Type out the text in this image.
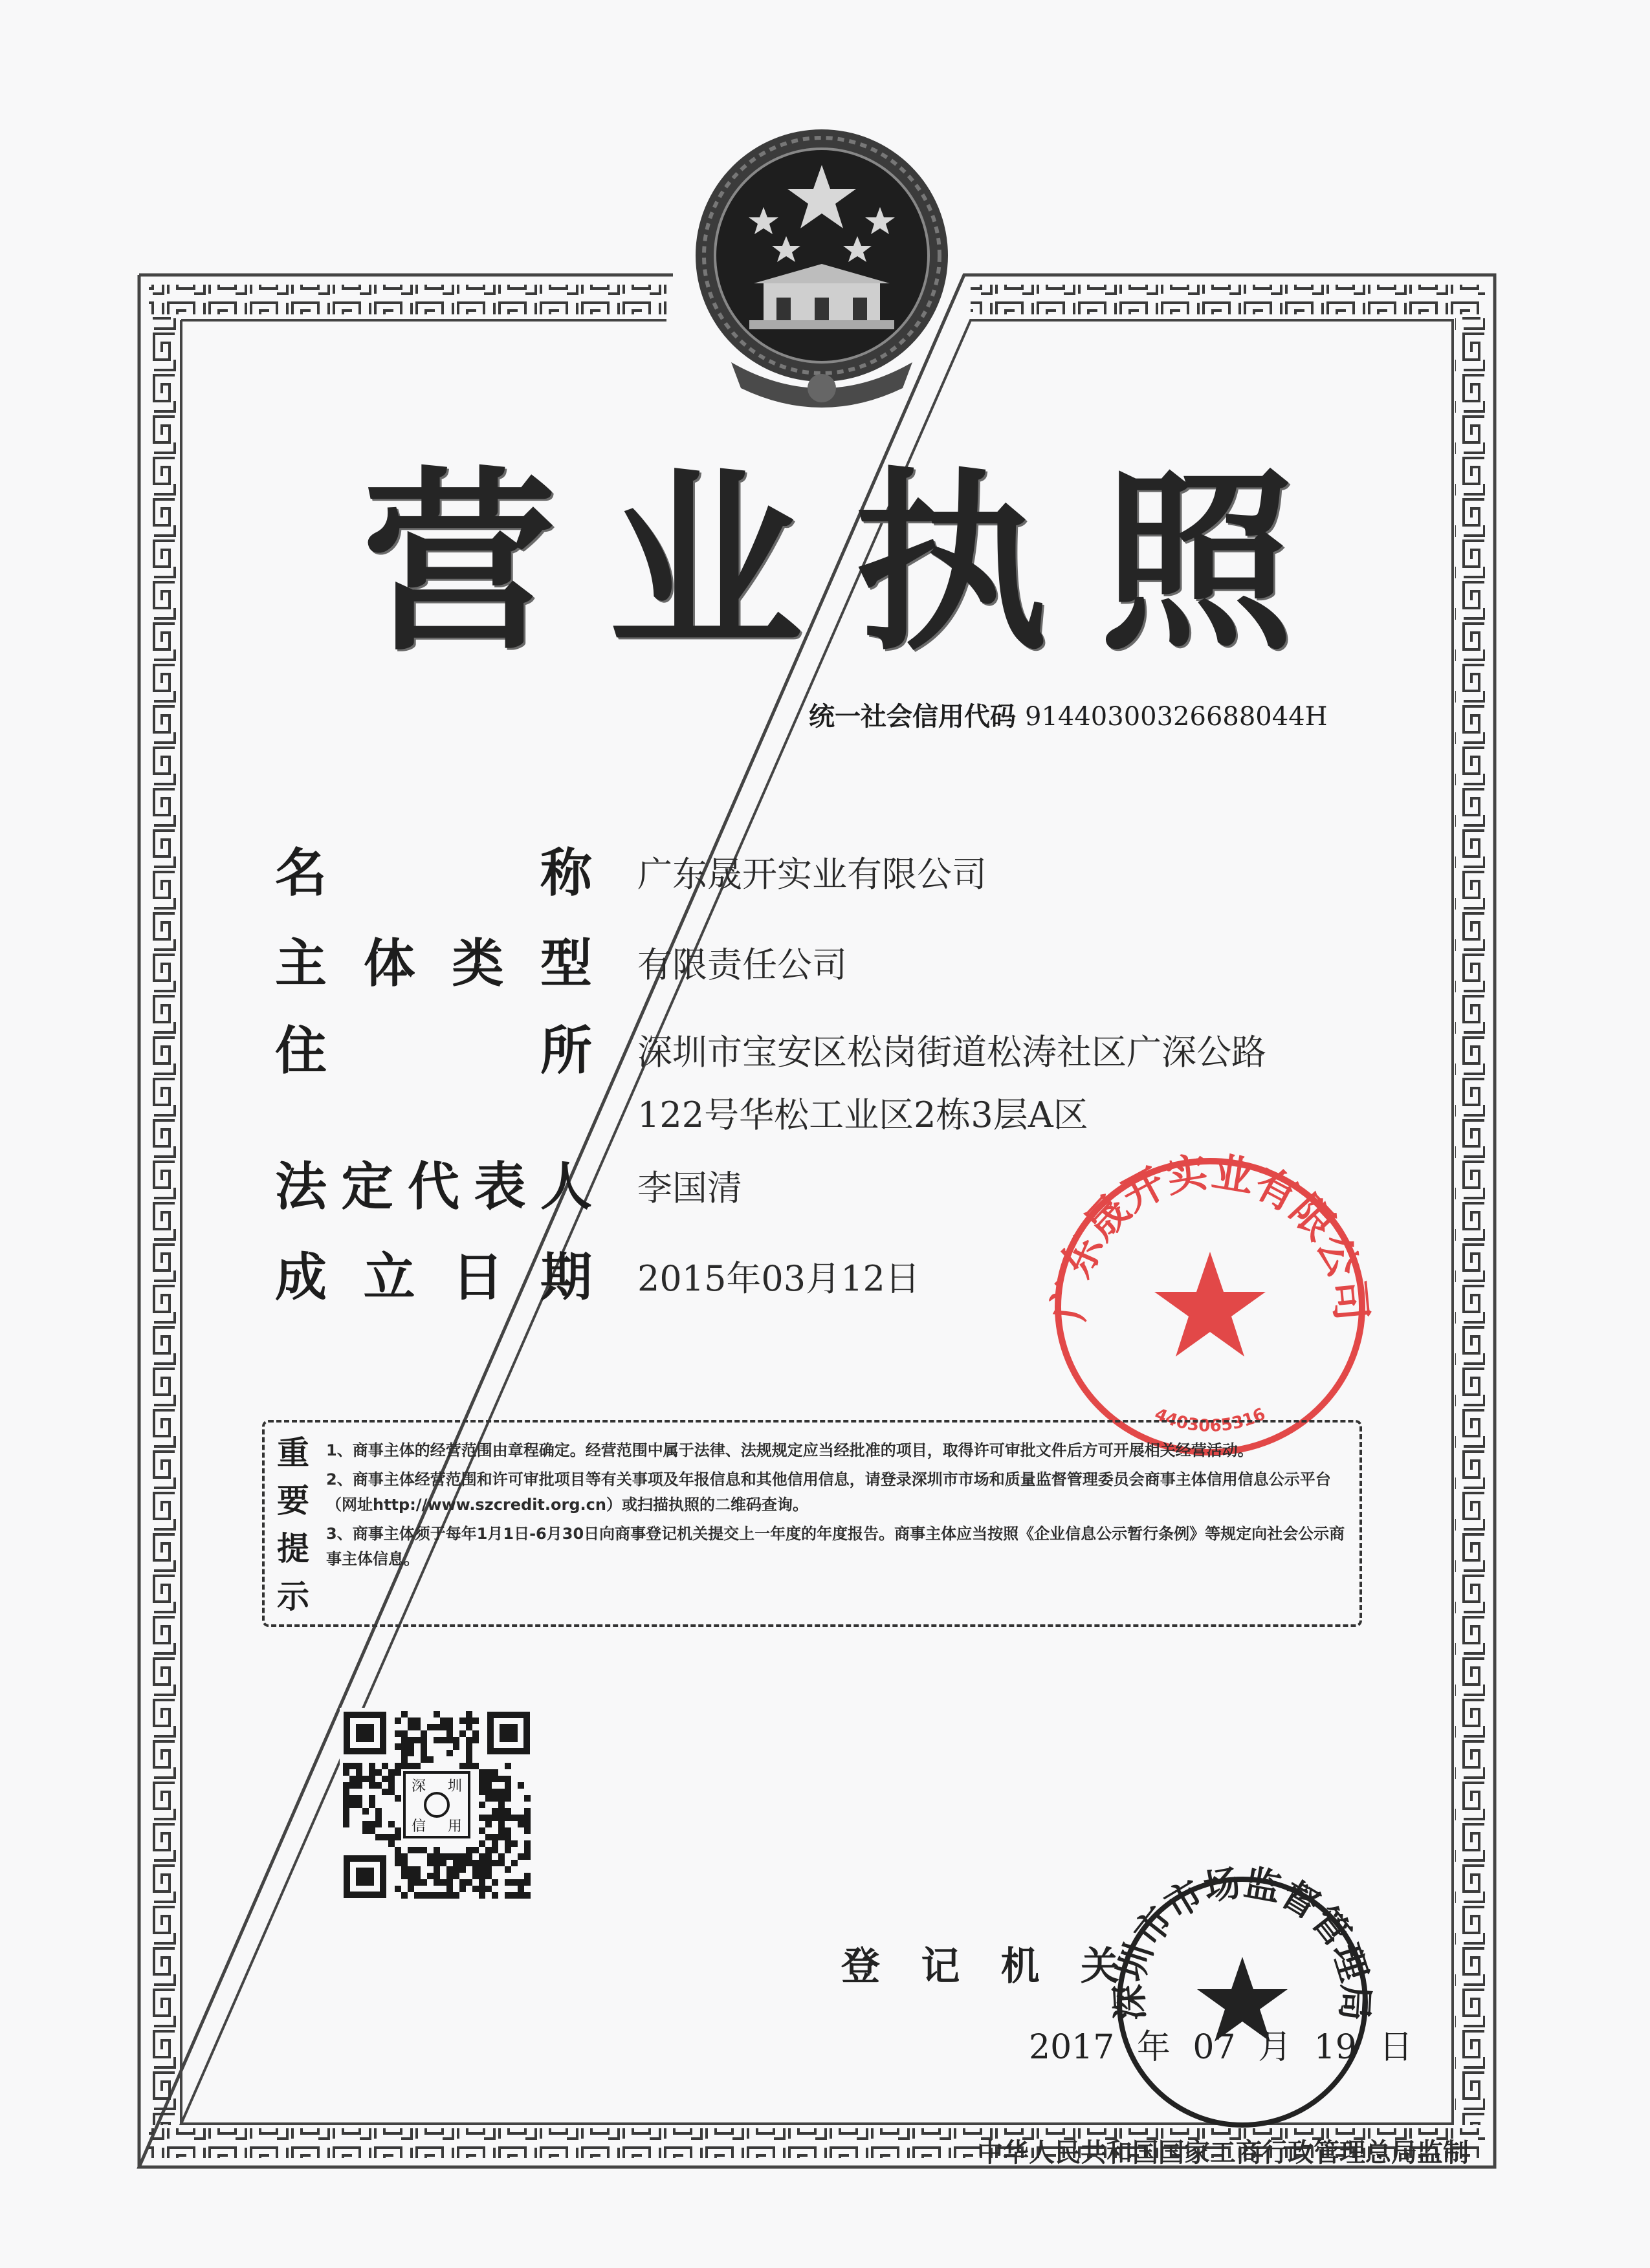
营 业 执 照
统一社会信用代码 91440300326688044H
名	称 广东晟开实业有限公司
主 体 类 型 有限责任公司
住	所 深圳市宝安区松岗街道松涛社区广深公路
122号华松工业区2栋3层A区
法 定 代 表 人 李国清
成 立 日 期 2015年03月12日	广东晟开实业有限公司
4403065316
重
要
提
示

1、商事主体的经营范围由章程确定。经营范围中属于法律、法规规定应当经批准的项目，取得许可审批文件后方可开展相关经营活动。

2、商事主体经营范围和许可审批项目等有关事项及年报信息和其他信用信息，请登录深圳市市场和质量监督管理委员会商事主体信用信息公示平台（网址http://www.szcredit.org.cn）或扫描执照的二维码查询。

3、商事主体须于每年1月1日-6月30日向商事登记机关提交上一年度的年度报告。商事主体应当按照《企业信息公示暂行条例》等规定向社会公示商事主体信息。

深 圳
信 用
登 记 机 关
深圳市市场监督管理局
2017 年 07 月 19 日
中华人民共和国国家工商行政管理总局监制
